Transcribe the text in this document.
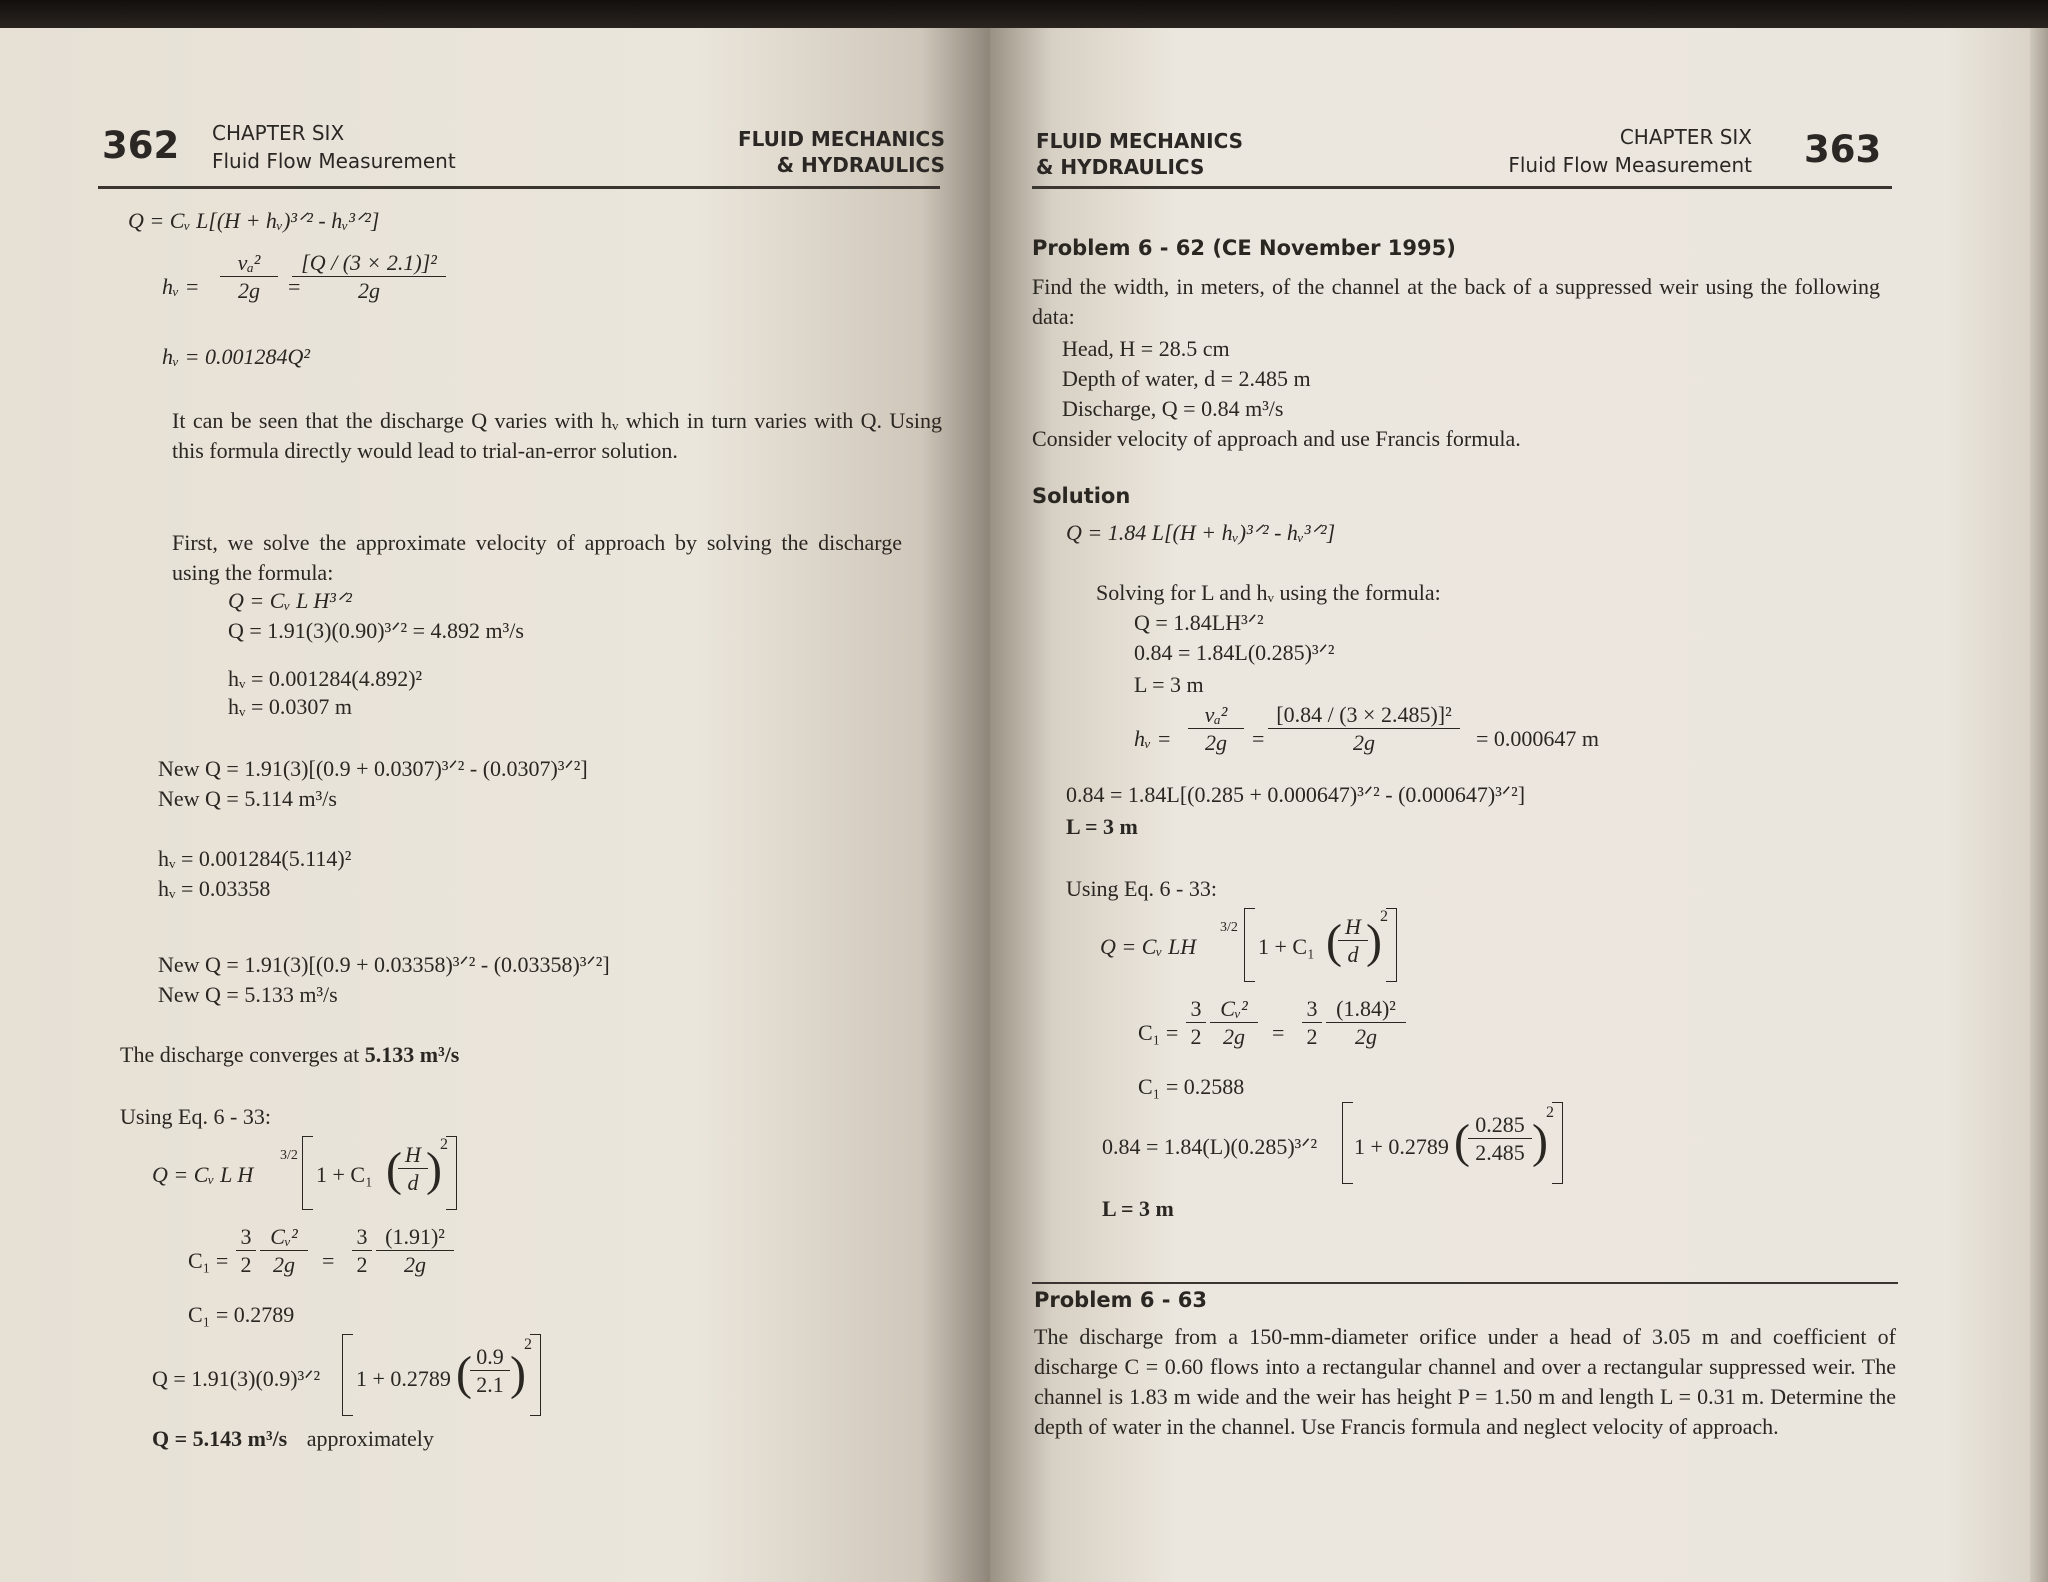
362 CHAPTER SIX
Fluid Flow Measurement
FLUID MECHANICS
& HYDRAULICS
Q = Cᵥ L[(H + hᵥ)³ᐟ² - hᵥ³ᐟ²]
hᵥ =
vₐ²
2g	=
[Q / (3 × 2.1)]²
2g
hᵥ = 0.001284Q²
It can be seen that the discharge Q varies with hᵥ which in turn varies with Q. Using this formula directly would lead to trial-an-error solution.
First, we solve the approximate velocity of approach by solving the discharge using the formula:
Q = Cᵥ L H³ᐟ²
Q = 1.91(3)(0.90)³ᐟ² = 4.892 m³/s
hᵥ = 0.001284(4.892)²
hᵥ = 0.0307 m
New Q = 1.91(3)[(0.9 + 0.0307)³ᐟ² - (0.0307)³ᐟ²]
New Q = 5.114 m³/s
hᵥ = 0.001284(5.114)²
hᵥ = 0.03358
New Q = 1.91(3)[(0.9 + 0.03358)³ᐟ² - (0.03358)³ᐟ²]
New Q = 5.133 m³/s
The discharge converges at 5.133 m³/s
Using Eq. 6 - 33:
Q = Cᵥ L H
3/2
1 + C₁ ( H
d )
2
C₁ =
3
2
Cᵥ²
2g	=
3
2
(1.91)²
2g
C₁ = 0.2789
Q = 1.91(3)(0.9)³ᐟ² 1 + 0.2789 ( 0.9
2.1 )
2
Q = 5.143 m³/s approximately
FLUID MECHANICS
& HYDRAULICS
CHAPTER SIX
Fluid Flow Measurement 363
Problem 6 - 62 (CE November 1995)
Find the width, in meters, of the channel at the back of a suppressed weir using the following data:
Head, H = 28.5 cm
Depth of water, d = 2.485 m
Discharge, Q = 0.84 m³/s
Consider velocity of approach and use Francis formula.
Solution
Q = 1.84 L[(H + hᵥ)³ᐟ² - hᵥ³ᐟ²]
Solving for L and hᵥ using the formula:
Q = 1.84LH³ᐟ²
0.84 = 1.84L(0.285)³ᐟ²
L = 3 m
hᵥ =
vₐ²
2g	=
[0.84 / (3 × 2.485)]²
2g	= 0.000647 m
0.84 = 1.84L[(0.285 + 0.000647)³ᐟ² - (0.000647)³ᐟ²]
L = 3 m
Using Eq. 6 - 33:
Q = Cᵥ LH
3/2
1 + C₁ ( H
d )
2
C₁ =
3
2
Cᵥ²
2g	=
3
2
(1.84)²
2g
C₁ = 0.2588
0.84 = 1.84(L)(0.285)³ᐟ² 1 + 0.2789 ( 0.285
2.485 )
2
L = 3 m
Problem 6 - 63
The discharge from a 150-mm-diameter orifice under a head of 3.05 m and coefficient of discharge C = 0.60 flows into a rectangular channel and over a rectangular suppressed weir. The channel is 1.83 m wide and the weir has height P = 1.50 m and length L = 0.31 m. Determine the depth of water in the channel. Use Francis formula and neglect velocity of approach.
